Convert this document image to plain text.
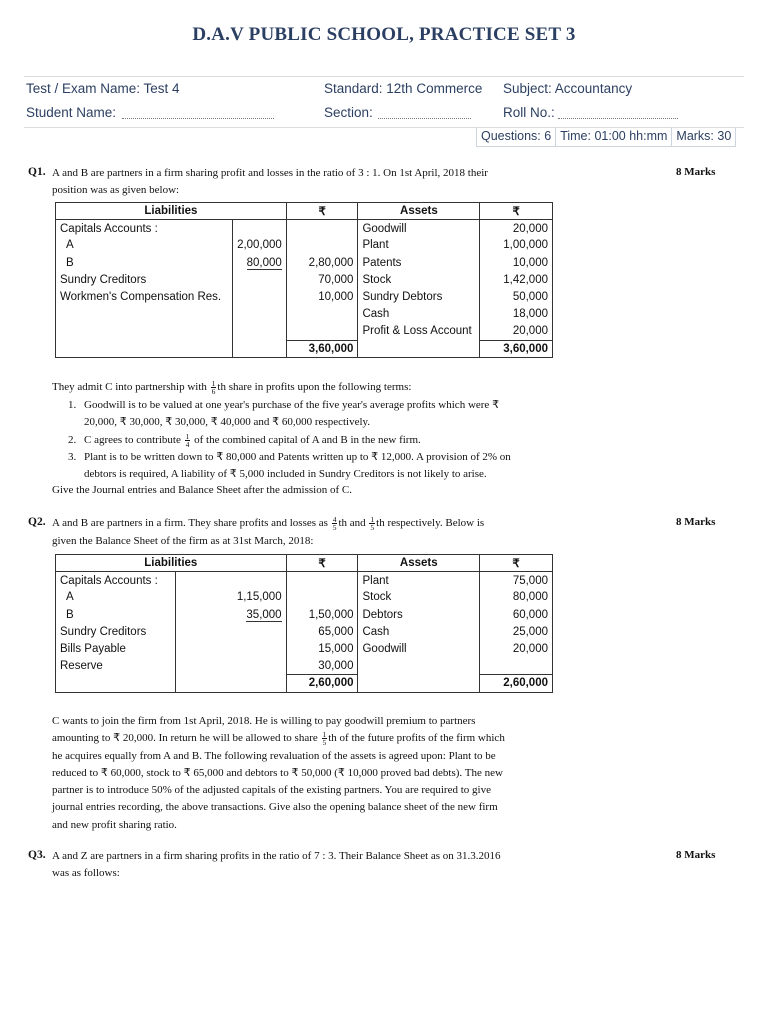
D.A.V PUBLIC SCHOOL, PRACTICE SET 3
Test / Exam Name: Test 4	Standard: 12th Commerce Subject: Accountancy
Student Name:	Section:	Roll No.:
Questions: 6 Time: 01:00 hh:mm Marks: 30
Q1.	8 Marks
A and B are partners in a firm sharing profit and losses in the ratio of 3 : 1. On 1st April, 2018 their
position was as given below:
Liabilities		₹	Assets	₹
Capitals Accounts :			Goodwill	20,000
A	2,00,000		Plant	1,00,000
B	80,000	2,80,000	Patents	10,000
Sundry Creditors		70,000	Stock	1,42,000
Workmen's Compensation Res.		10,000	Sundry Debtors	50,000
			Cash	18,000
			Profit & Loss Account	20,000
		3,60,000		3,60,000
They admit C into partnership with $\frac{1}{6}$ th share in profits upon the following terms:
1. Goodwill is to be valued at one year's purchase of the five year's average profits which were ₹
20,000, ₹ 30,000, ₹ 30,000, ₹ 40,000 and ₹ 60,000 respectively.
2. C agrees to contribute $\frac{1}{4}$ of the combined capital of A and B in the new firm.
3. Plant is to be written down to ₹ 80,000 and Patents written up to ₹ 12,000. A provision of 2% on
debtors is required, A liability of ₹ 5,000 included in Sundry Creditors is not likely to arise.
Give the Journal entries and Balance Sheet after the admission of C.
Q2.	8 Marks
A and B are partners in a firm. They share profits and losses as $\frac{4}{5}$ th and $\frac{1}{5}$ th respectively. Below is
given the Balance Sheet of the firm as at 31st March, 2018:
Liabilities		₹	Assets	₹
Capitals Accounts :			Plant	75,000
A	1,15,000		Stock	80,000
B	35,000	1,50,000	Debtors	60,000
Sundry Creditors		65,000	Cash	25,000
Bills Payable		15,000	Goodwill	20,000
Reserve		30,000		
		2,60,000		2,60,000
C wants to join the firm from 1st April, 2018. He is willing to pay goodwill premium to partners
amounting to ₹ 20,000. In return he will be allowed to share $\frac{1}{5}$ th of the future profits of the firm which
he acquires equally from A and B. The following revaluation of the assets is agreed upon: Plant to be
reduced to ₹ 60,000, stock to ₹ 65,000 and debtors to ₹ 50,000 (₹ 10,000 proved bad debts). The new
partner is to introduce 50% of the adjusted capitals of the existing partners. You are required to give
journal entries recording, the above transactions. Give also the opening balance sheet of the new firm
and new profit sharing ratio.
Q3.	8 Marks
A and Z are partners in a firm sharing profits in the ratio of 7 : 3. Their Balance Sheet as on 31.3.2016
was as follows:
